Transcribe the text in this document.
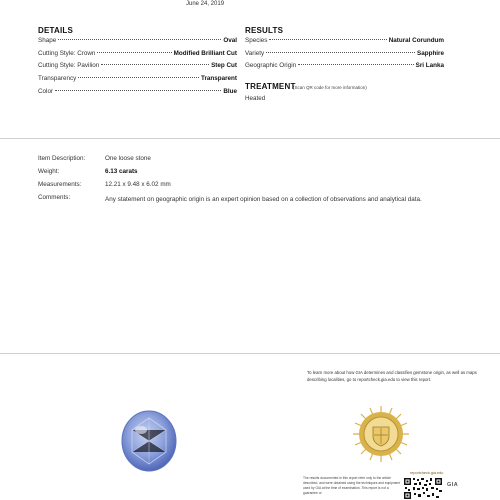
June 24, 2019
DETAILS
Shape	Oval
Cutting Style: Crown	Modified Brilliant Cut
Cutting Style: Pavilion	Step Cut
Transparency	Transparent
Color	Blue
RESULTS
Species	Natural Corundum
Variety	Sapphire
Geographic Origin	Sri Lanka
TREATMENT
(Scan QR code for more information)
Heated
Item Description:	One loose stone
Weight:	6.13 carats
Measurements:	12.21 x 9.48 x 6.02 mm
Comments:	Any statement on geographic origin is an expert opinion based on a collection of observations and analytical data.
To learn more about how GIA determines and classifies gemstone origin, as well as maps describing localities, go to reportcheck.gia.edu to view this report.
reportcheck.gia.edu
The results documented in this report refer only to the article described, and were obtained using the techniques and equipment used by GIA at the time of examination. This report is not a guarantee or
GIA
